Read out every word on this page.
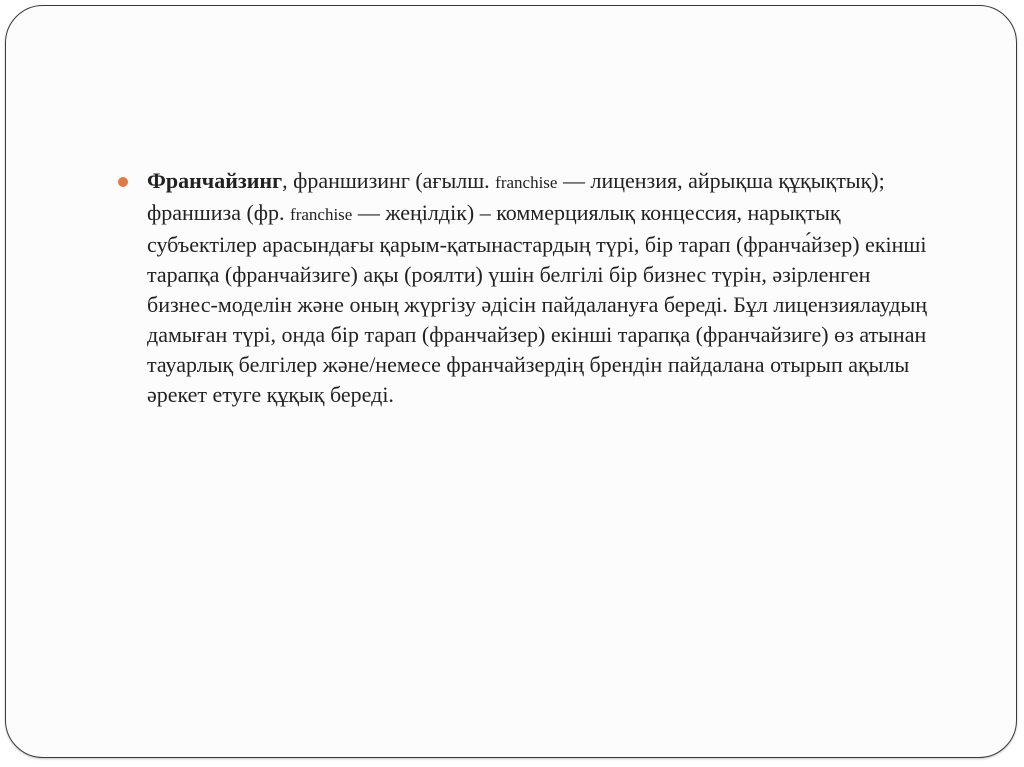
Франчайзинг, франшизинг (ағылш. franchise — лицензия, айрықша құқықтық); франшиза (фр. franchise — жеңілдік) – коммерциялық концессия, нарықтық субъектілер арасындағы қарым-қатынастардың түрі, бір тарап (франча́йзер) екінші тарапқа (франчайзиге) ақы (роялти) үшін белгілі бір бизнес түрін, әзірленген бизнес-моделін және оның жүргізу әдісін пайдалануға береді. Бұл лицензиялаудың дамыған түрі, онда бір тарап (франчайзер) екінші тарапқа (франчайзиге) өз атынан тауарлық белгілер және/немесе франчайзердің брендін пайдалана отырып ақылы әрекет етуге құқық береді.
